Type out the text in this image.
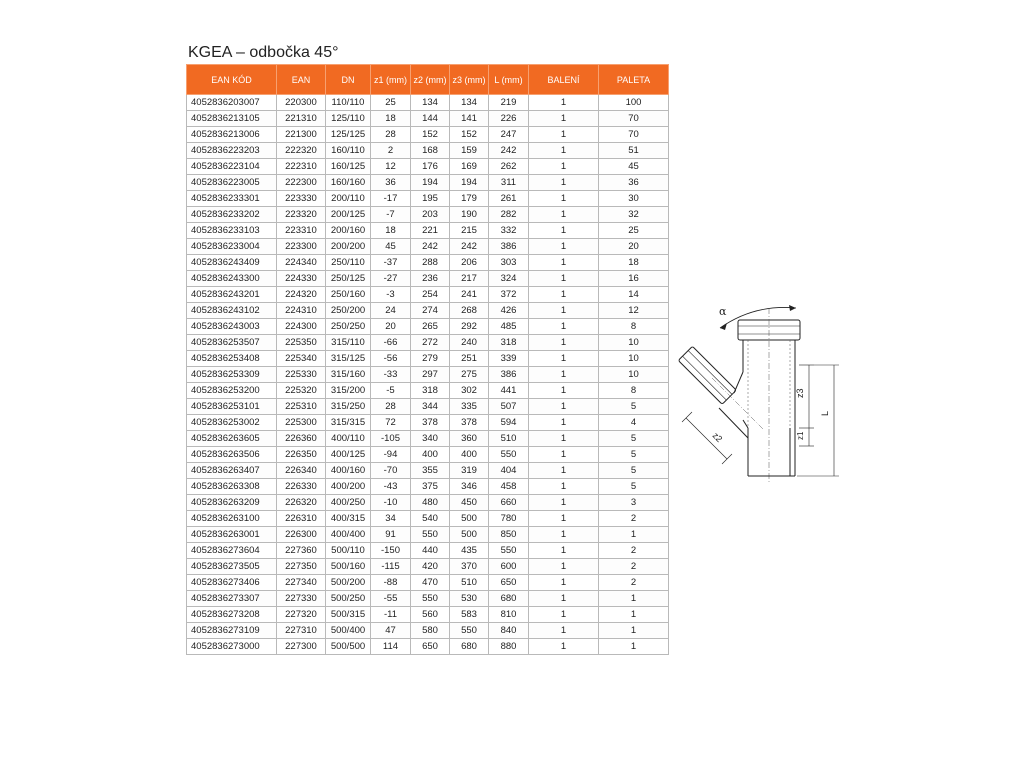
KGEA – odbočka 45°
EAN KÓD	EAN	DN	z1 (mm)	z2 (mm)	z3 (mm)	L (mm)	BALENÍ	PALETA
4052836203007	220300	110/110	25	134	134	219	1	100
4052836213105	221310	125/110	18	144	141	226	1	70
4052836213006	221300	125/125	28	152	152	247	1	70
4052836223203	222320	160/110	2	168	159	242	1	51
4052836223104	222310	160/125	12	176	169	262	1	45
4052836223005	222300	160/160	36	194	194	311	1	36
4052836233301	223330	200/110	-17	195	179	261	1	30
4052836233202	223320	200/125	-7	203	190	282	1	32
4052836233103	223310	200/160	18	221	215	332	1	25
4052836233004	223300	200/200	45	242	242	386	1	20
4052836243409	224340	250/110	-37	288	206	303	1	18
4052836243300	224330	250/125	-27	236	217	324	1	16
4052836243201	224320	250/160	-3	254	241	372	1	14
4052836243102	224310	250/200	24	274	268	426	1	12
4052836243003	224300	250/250	20	265	292	485	1	8
4052836253507	225350	315/110	-66	272	240	318	1	10
4052836253408	225340	315/125	-56	279	251	339	1	10
4052836253309	225330	315/160	-33	297	275	386	1	10
4052836253200	225320	315/200	-5	318	302	441	1	8
4052836253101	225310	315/250	28	344	335	507	1	5
4052836253002	225300	315/315	72	378	378	594	1	4
4052836263605	226360	400/110	-105	340	360	510	1	5
4052836263506	226350	400/125	-94	400	400	550	1	5
4052836263407	226340	400/160	-70	355	319	404	1	5
4052836263308	226330	400/200	-43	375	346	458	1	5
4052836263209	226320	400/250	-10	480	450	660	1	3
4052836263100	226310	400/315	34	540	500	780	1	2
4052836263001	226300	400/400	91	550	500	850	1	1
4052836273604	227360	500/110	-150	440	435	550	1	2
4052836273505	227350	500/160	-115	420	370	600	1	2
4052836273406	227340	500/200	-88	470	510	650	1	2
4052836273307	227330	500/250	-55	550	530	680	1	1
4052836273208	227320	500/315	-11	560	583	810	1	1
4052836273109	227310	500/400	47	580	550	840	1	1
4052836273000	227300	500/500	114	650	680	880	1	1
α
z2
z3
z1
L
